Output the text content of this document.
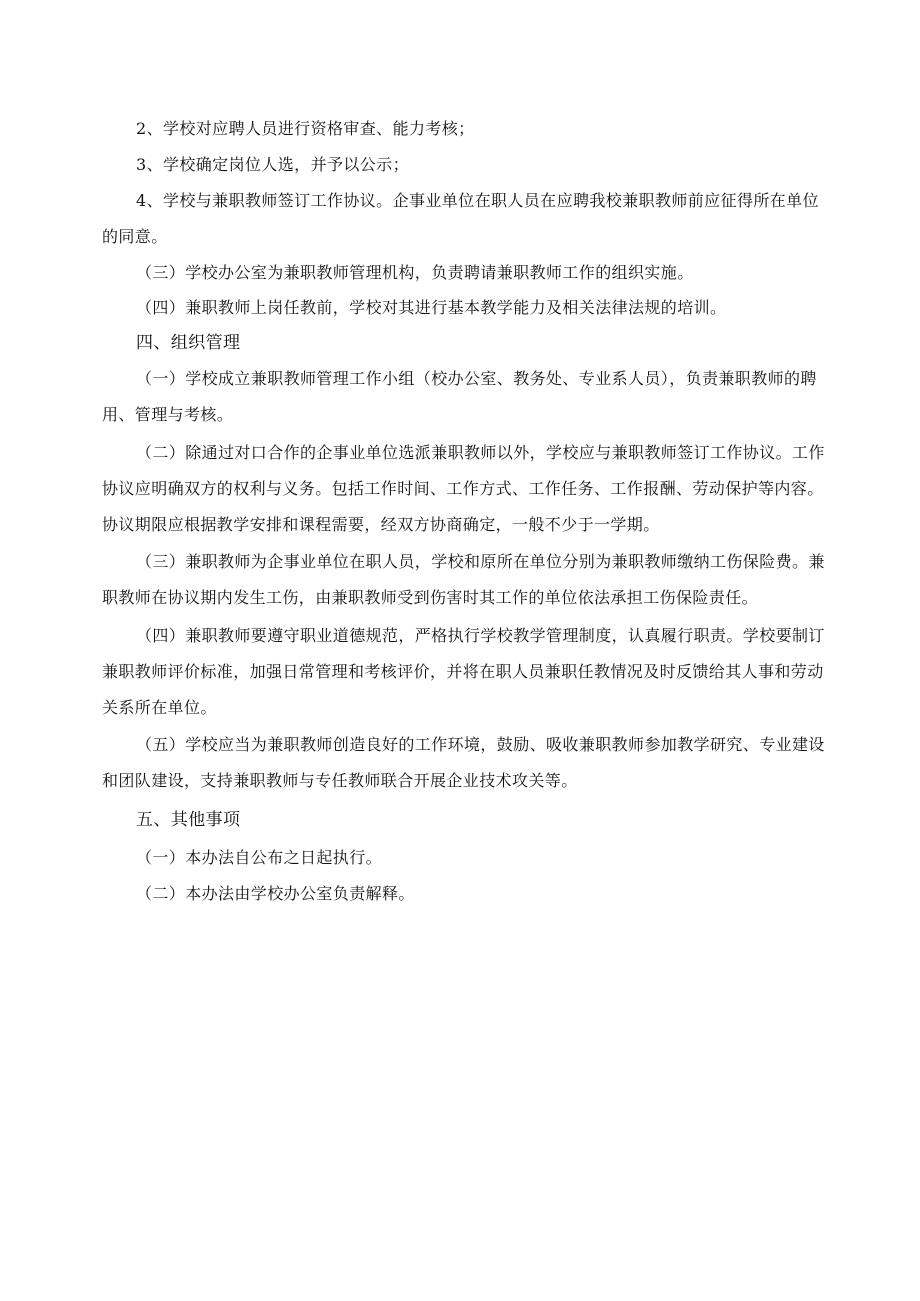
2、学校对应聘人员进行资格审查、能力考核；

3、学校确定岗位人选，并予以公示；

4、学校与兼职教师签订工作协议。企事业单位在职人员在应聘我校兼职教师前应征得所在单位的同意。

（三）学校办公室为兼职教师管理机构，负责聘请兼职教师工作的组织实施。

（四）兼职教师上岗任教前，学校对其进行基本教学能力及相关法律法规的培训。

四、组织管理

（一）学校成立兼职教师管理工作小组（校办公室、教务处、专业系人员），负责兼职教师的聘用、管理与考核。

（二）除通过对口合作的企事业单位选派兼职教师以外，学校应与兼职教师签订工作协议。工作协议应明确双方的权利与义务。包括工作时间、工作方式、工作任务、工作报酬、劳动保护等内容。协议期限应根据教学安排和课程需要，经双方协商确定，一般不少于一学期。

（三）兼职教师为企事业单位在职人员，学校和原所在单位分别为兼职教师缴纳工伤保险费。兼职教师在协议期内发生工伤，由兼职教师受到伤害时其工作的单位依法承担工伤保险责任。

（四）兼职教师要遵守职业道德规范，严格执行学校教学管理制度，认真履行职责。学校要制订兼职教师评价标准，加强日常管理和考核评价，并将在职人员兼职任教情况及时反馈给其人事和劳动关系所在单位。

（五）学校应当为兼职教师创造良好的工作环境，鼓励、吸收兼职教师参加教学研究、专业建设和团队建设，支持兼职教师与专任教师联合开展企业技术攻关等。

五、其他事项

（一）本办法自公布之日起执行。

（二）本办法由学校办公室负责解释。
